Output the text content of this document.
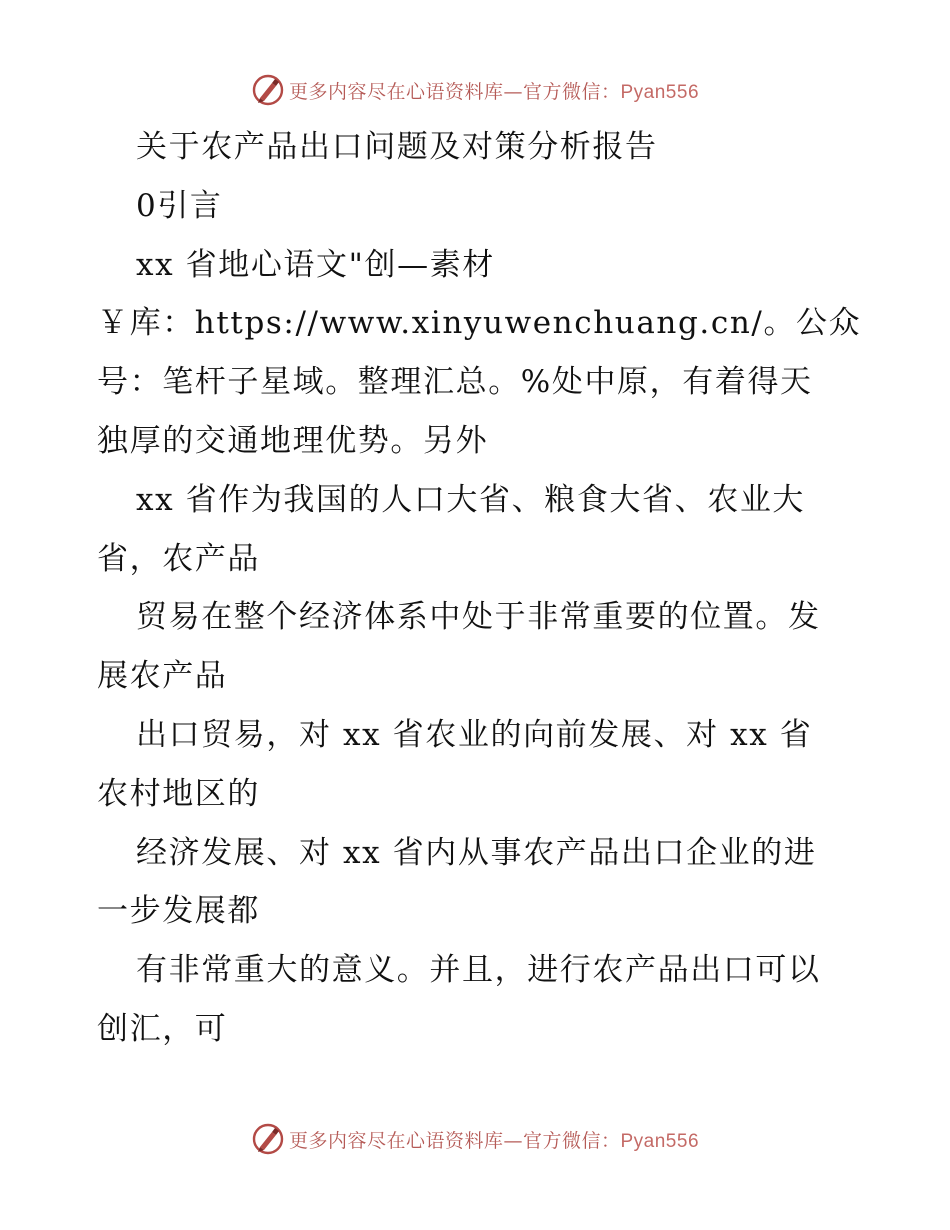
更多内容尽在心语资料库—官方微信：Pyan556
关于农产品出口问题及对策分析报告
0引言
xx 省地心语文"创—素材
￥库：https://www.xinyuwenchuang.cn/。公众
号：笔杆子星域。整理汇总。%处中原，有着得天
独厚的交通地理优势。另外
xx 省作为我国的人口大省、粮食大省、农业大
省，农产品
贸易在整个经济体系中处于非常重要的位置。发
展农产品
出口贸易，对 xx 省农业的向前发展、对 xx 省
农村地区的
经济发展、对 xx 省内从事农产品出口企业的进
一步发展都
有非常重大的意义。并且，进行农产品出口可以
创汇，可
更多内容尽在心语资料库—官方微信：Pyan556
